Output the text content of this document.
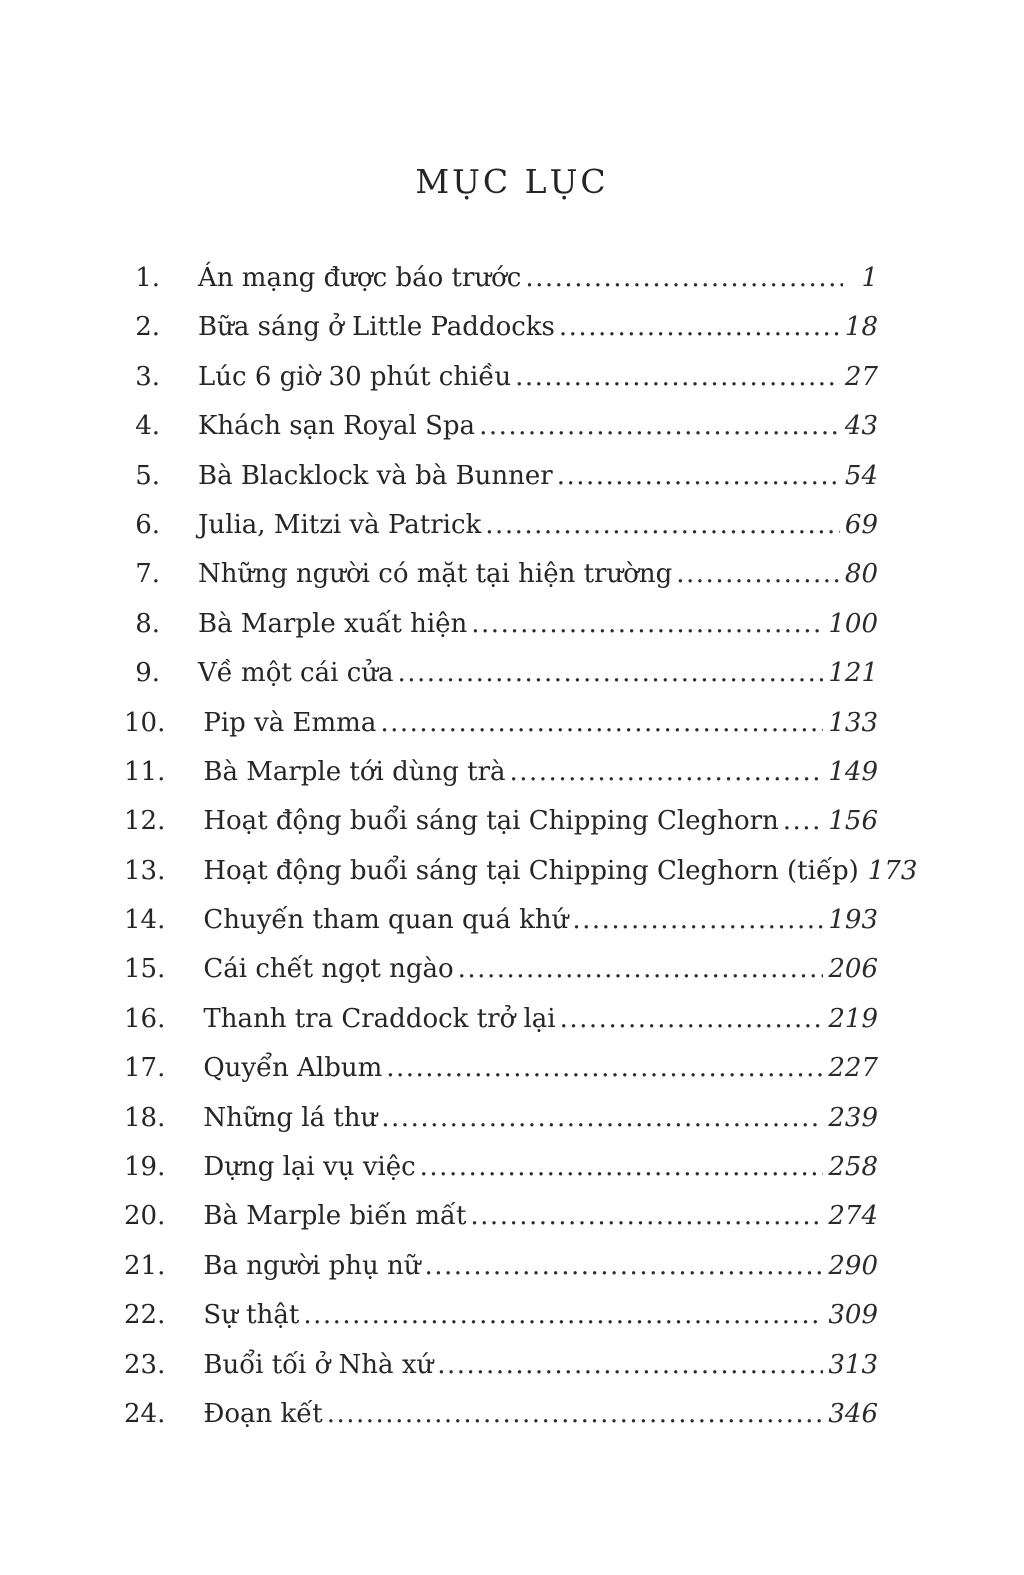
MỤC LỤC
1. Án mạng được báo trước .....	1
2. Bữa sáng ở Little Paddocks .....	18
3. Lúc 6 giờ 30 phút chiều .....	27
4. Khách sạn Royal Spa .....	43
5. Bà Blacklock và bà Bunner .....	54
6. Julia, Mitzi và Patrick .....	69
7. Những người có mặt tại hiện trường .....	80
8. Bà Marple xuất hiện .....	100
9. Về một cái cửa .....	121
10. Pip và Emma .....	133
11. Bà Marple tới dùng trà .....	149
12. Hoạt động buổi sáng tại Chipping Cleghorn ..... 156
13. Hoạt động buổi sáng tại Chipping Cleghorn (tiếp) 173
14. Chuyến tham quan quá khứ .....	193
15. Cái chết ngọt ngào .....	206
16. Thanh tra Craddock trở lại .....	219
17. Quyển Album .....	227
18. Những lá thư .....	239
19. Dựng lại vụ việc .....	258
20. Bà Marple biến mất .....	274
21. Ba người phụ nữ .....	290
22. Sự thật .....	309
23. Buổi tối ở Nhà xứ .....	313
24. Đoạn kết .....	346
